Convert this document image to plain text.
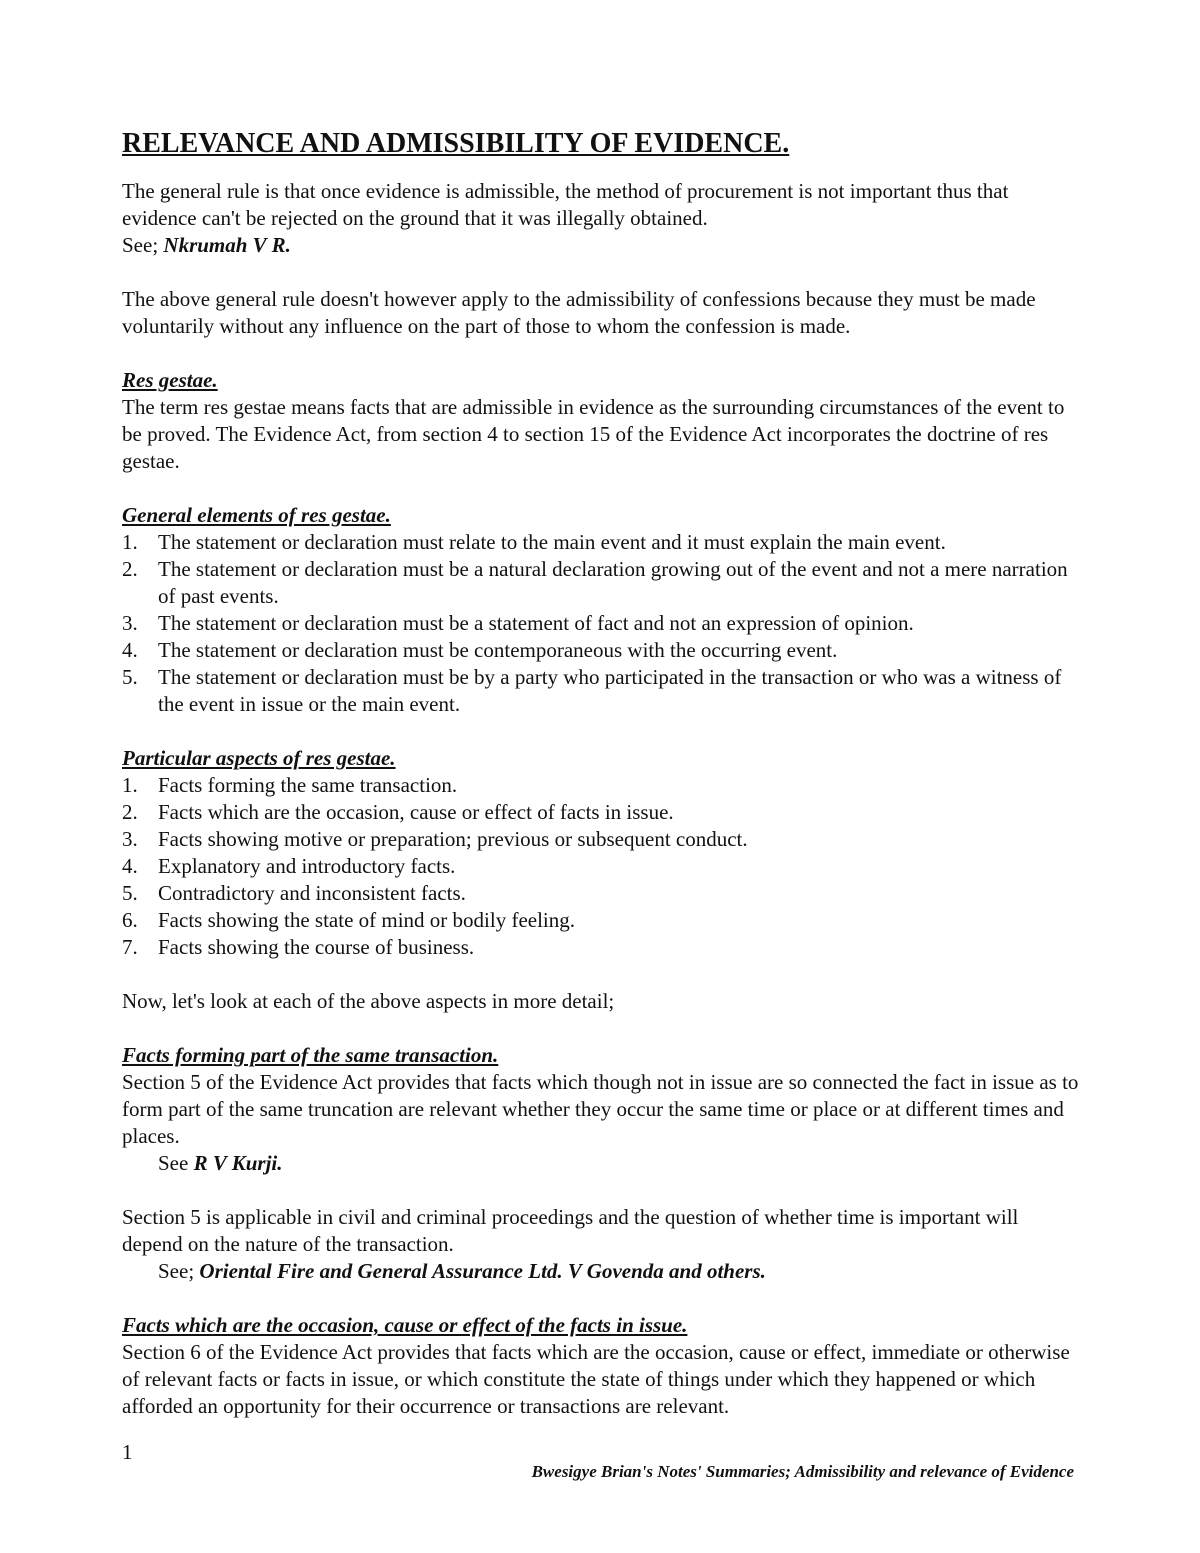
RELEVANCE AND ADMISSIBILITY OF EVIDENCE.

The general rule is that once evidence is admissible, the method of procurement is not important thus that evidence can't be rejected on the ground that it was illegally obtained.

See; Nkrumah V R.

The above general rule doesn't however apply to the admissibility of confessions because they must be made voluntarily without any influence on the part of those to whom the confession is made.

Res gestae.

The term res gestae means facts that are admissible in evidence as the surrounding circumstances of the event to be proved. The Evidence Act, from section 4 to section 15 of the Evidence Act incorporates the doctrine of res gestae.

General elements of res gestae.

1. The statement or declaration must relate to the main event and it must explain the main event.
2. The statement or declaration must be a natural declaration growing out of the event and not a mere narration of past events.
3. The statement or declaration must be a statement of fact and not an expression of opinion.
4. The statement or declaration must be contemporaneous with the occurring event.
5. The statement or declaration must be by a party who participated in the transaction or who was a witness of the event in issue or the main event.

Particular aspects of res gestae.

1. Facts forming the same transaction.
2. Facts which are the occasion, cause or effect of facts in issue.
3. Facts showing motive or preparation; previous or subsequent conduct.
4. Explanatory and introductory facts.
5. Contradictory and inconsistent facts.
6. Facts showing the state of mind or bodily feeling.
7. Facts showing the course of business.

Now, let's look at each of the above aspects in more detail;

Facts forming part of the same transaction.

Section 5 of the Evidence Act provides that facts which though not in issue are so connected the fact in issue as to form part of the same truncation are relevant whether they occur the same time or place or at different times and places.

See R V Kurji.

Section 5 is applicable in civil and criminal proceedings and the question of whether time is important will depend on the nature of the transaction.

See; Oriental Fire and General Assurance Ltd. V Govenda and others.

Facts which are the occasion, cause or effect of the facts in issue.

Section 6 of the Evidence Act provides that facts which are the occasion, cause or effect, immediate or otherwise of relevant facts or facts in issue, or which constitute the state of things under which they happened or which afforded an opportunity for their occurrence or transactions are relevant.

1
Bwesigye Brian's Notes' Summaries; Admissibility and relevance of Evidence
